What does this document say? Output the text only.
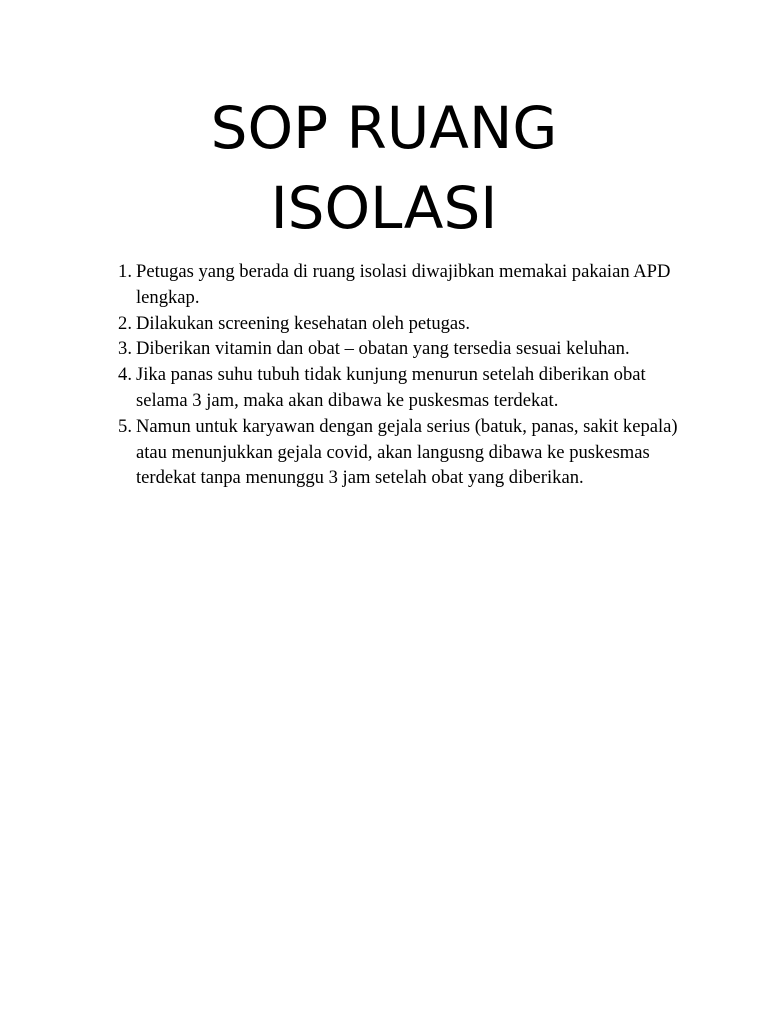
SOP RUANG
ISOLASI
1. Petugas yang berada di ruang isolasi diwajibkan memakai pakaian APD lengkap.
2. Dilakukan screening kesehatan oleh petugas.
3. Diberikan vitamin dan obat – obatan yang tersedia sesuai keluhan.
4. Jika panas suhu tubuh tidak kunjung menurun setelah diberikan obat selama 3 jam, maka akan dibawa ke puskesmas terdekat.
5. Namun untuk karyawan dengan gejala serius (batuk, panas, sakit kepala) atau menunjukkan gejala covid, akan langusng dibawa ke puskesmas terdekat tanpa menunggu 3 jam setelah obat yang diberikan.
